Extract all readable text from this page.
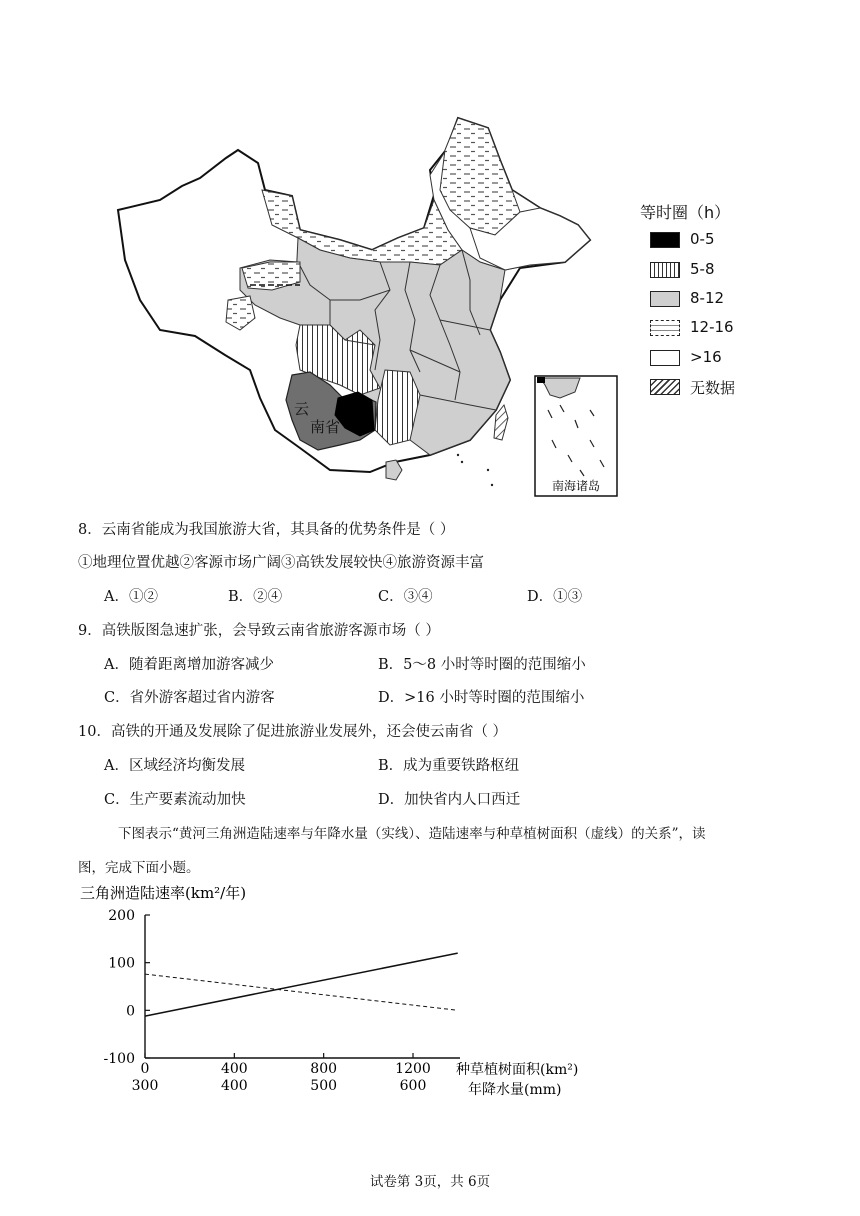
南海诸岛
云
南省
等时圈（h）
0-5
5-8
8-12
12-16
>16
无数据
8．云南省能成为我国旅游大省，其具备的优势条件是（ ）
①地理位置优越②客源市场广阔③高铁发展较快④旅游资源丰富
A．①②	B．②④	C．③④	D．①③
9．高铁版图急速扩张，会导致云南省旅游客源市场（ ）
A．随着距离增加游客减少	B．5～8 小时等时圈的范围缩小
C．省外游客超过省内游客	D．>16 小时等时圈的范围缩小
10．高铁的开通及发展除了促进旅游业发展外，还会使云南省（ ）
A．区域经济均衡发展	B．成为重要铁路枢纽
C．生产要素流动加快	D．加快省内人口西迁
下图表示“黄河三角洲造陆速率与年降水量（实线）、造陆速率与种草植树面积（虚线）的关系”，读
图，完成下面小题。
三角洲造陆速率(km²/年)
200
100
0
-100
0	400	800	1200
300	400	500	600
种草植树面积(km²)
年降水量(mm)
试卷第 3页，共 6页
